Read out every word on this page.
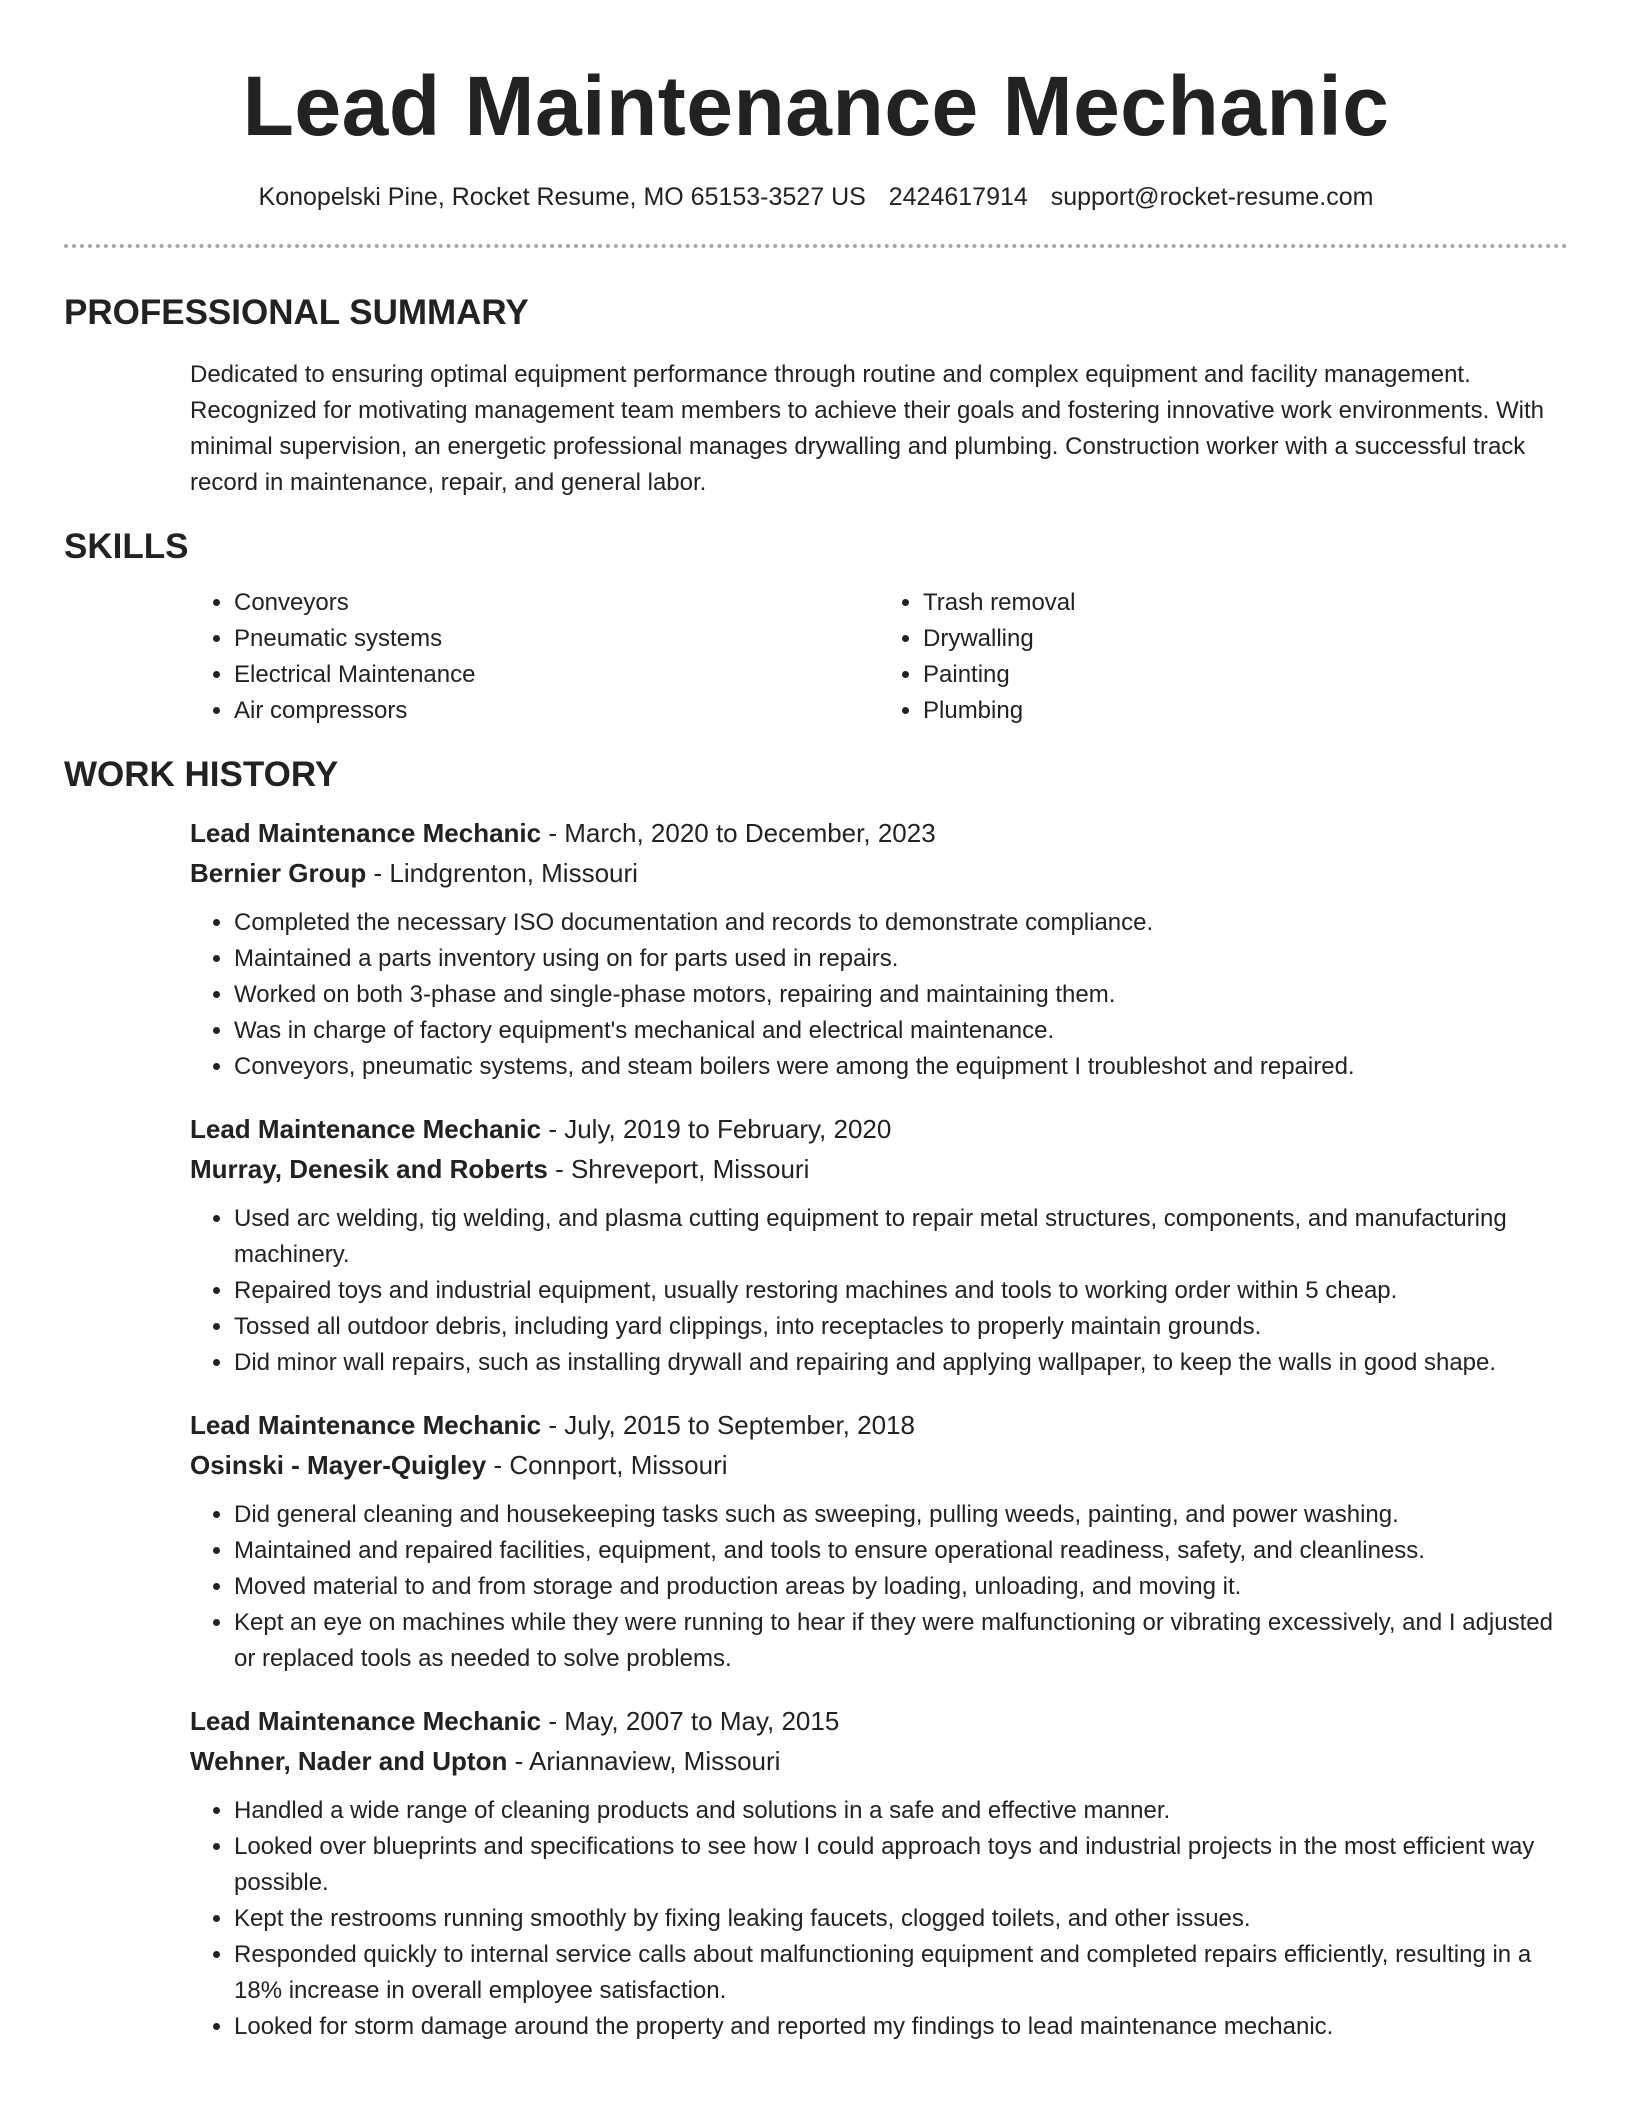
Lead Maintenance Mechanic
Konopelski Pine, Rocket Resume, MO 65153-3527 US 2424617914 support@rocket-resume.com
PROFESSIONAL SUMMARY

Dedicated to ensuring optimal equipment performance through routine and complex equipment and facility management. Recognized for motivating management team members to achieve their goals and fostering innovative work environments. With minimal supervision, an energetic professional manages drywalling and plumbing. Construction worker with a successful track record in maintenance, repair, and general labor.

SKILLS
• Conveyors
• Pneumatic systems
• Electrical Maintenance
• Air compressors
• Trash removal
• Drywalling
• Painting
• Plumbing
WORK HISTORY
Lead Maintenance Mechanic - March, 2020 to December, 2023
Bernier Group - Lindgrenton, Missouri
• Completed the necessary ISO documentation and records to demonstrate compliance.
• Maintained a parts inventory using on for parts used in repairs.
• Worked on both 3-phase and single-phase motors, repairing and maintaining them.
• Was in charge of factory equipment's mechanical and electrical maintenance.
• Conveyors, pneumatic systems, and steam boilers were among the equipment I troubleshot and repaired.
Lead Maintenance Mechanic - July, 2019 to February, 2020
Murray, Denesik and Roberts - Shreveport, Missouri
• Used arc welding, tig welding, and plasma cutting equipment to repair metal structures, components, and manufacturing machinery.
• Repaired toys and industrial equipment, usually restoring machines and tools to working order within 5 cheap.
• Tossed all outdoor debris, including yard clippings, into receptacles to properly maintain grounds.
• Did minor wall repairs, such as installing drywall and repairing and applying wallpaper, to keep the walls in good shape.
Lead Maintenance Mechanic - July, 2015 to September, 2018
Osinski - Mayer-Quigley - Connport, Missouri
• Did general cleaning and housekeeping tasks such as sweeping, pulling weeds, painting, and power washing.
• Maintained and repaired facilities, equipment, and tools to ensure operational readiness, safety, and cleanliness.
• Moved material to and from storage and production areas by loading, unloading, and moving it.
• Kept an eye on machines while they were running to hear if they were malfunctioning or vibrating excessively, and I adjusted or replaced tools as needed to solve problems.
Lead Maintenance Mechanic - May, 2007 to May, 2015
Wehner, Nader and Upton - Ariannaview, Missouri
• Handled a wide range of cleaning products and solutions in a safe and effective manner.
• Looked over blueprints and specifications to see how I could approach toys and industrial projects in the most efficient way possible.
• Kept the restrooms running smoothly by fixing leaking faucets, clogged toilets, and other issues.
• Responded quickly to internal service calls about malfunctioning equipment and completed repairs efficiently, resulting in a 18% increase in overall employee satisfaction.
• Looked for storm damage around the property and reported my findings to lead maintenance mechanic.
